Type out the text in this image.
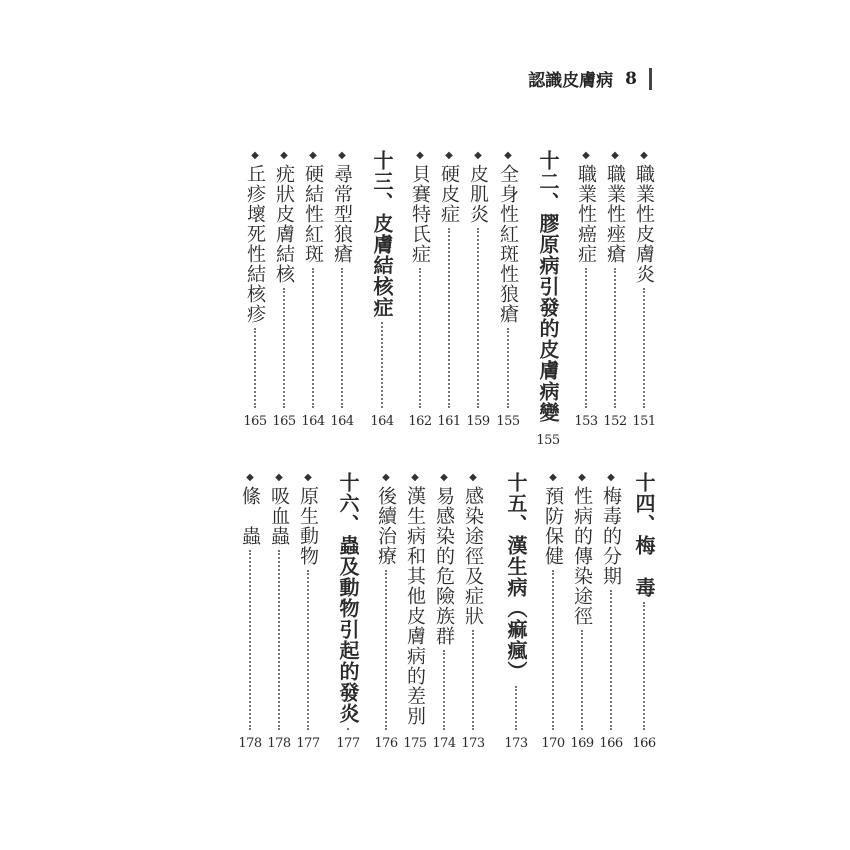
認識皮膚病 8
◆
職業性皮膚炎
151
◆
職業性痤瘡
152
◆
職業性癌症
153
十二、膠原病引發的皮膚病變
155
◆
全身性紅斑性狼瘡
155
◆
皮肌炎
159
◆
硬皮症
161
◆
貝賽特氏症
162
十三、皮膚結核症
164
◆
尋常型狼瘡
164
◆
硬結性紅斑
164
◆
疣狀皮膚結核
165
◆
丘疹壞死性結核疹
165
十四、梅　毒
166
◆
梅毒的分期
166
◆
性病的傳染途徑
169
◆
預防保健
170
十五、漢生病（痲瘋）
173
◆
感染途徑及症狀
173
◆
易感染的危險族群
174
◆
漢生病和其他皮膚病的差別
175
◆
後續治療
176
十六、蟲及動物引起的發炎
177
◆
原生動物
177
◆
吸血蟲
178
◆
絛　蟲
178
